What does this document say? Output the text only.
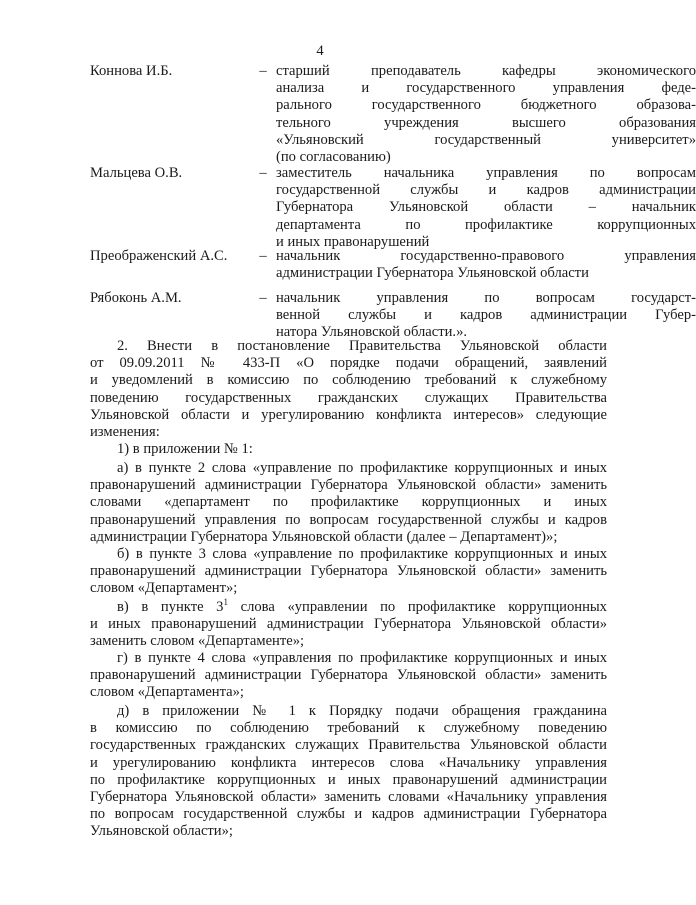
4
Коннова И.Б.	– старший преподаватель кафедры экономического
анализа и государственного управления феде-
рального государственного бюджетного образова-
тельного учреждения высшего образования
«Ульяновский государственный университет»
(по согласованию)
Мальцева О.В.	– заместитель начальника управления по вопросам
государственной службы и кадров администрации
Губернатора Ульяновской области – начальник
департамента по профилактике коррупционных
и иных правонарушений
Преображенский А.С.	– начальник государственно-правового управления
администрации Губернатора Ульяновской области
Рябоконь А.М.	– начальник управления по вопросам государст-
венной службы и кадров администрации Губер-
натора Ульяновской области.».
2. Внести в постановление Правительства Ульяновской области
от 09.09.2011 № 433-П «О порядке подачи обращений, заявлений
и уведомлений в комиссию по соблюдению требований к служебному
поведению государственных гражданских служащих Правительства
Ульяновской области и урегулированию конфликта интересов» следующие
изменения:
1) в приложении № 1:
а) в пункте 2 слова «управление по профилактике коррупционных и иных
правонарушений администрации Губернатора Ульяновской области» заменить
словами «департамент по профилактике коррупционных и иных
правонарушений управления по вопросам государственной службы и кадров
администрации Губернатора Ульяновской области (далее – Департамент)»;
б) в пункте 3 слова «управление по профилактике коррупционных и иных
правонарушений администрации Губернатора Ульяновской области» заменить
словом «Департамент»;
в) в пункте $3^1$ слова «управлении по профилактике коррупционных
и иных правонарушений администрации Губернатора Ульяновской области»
заменить словом «Департаменте»;
г) в пункте 4 слова «управления по профилактике коррупционных и иных
правонарушений администрации Губернатора Ульяновской области» заменить
словом «Департамента»;
д) в приложении № 1 к Порядку подачи обращения гражданина
в комиссию по соблюдению требований к служебному поведению
государственных гражданских служащих Правительства Ульяновской области
и урегулированию конфликта интересов слова «Начальнику управления
по профилактике коррупционных и иных правонарушений администрации
Губернатора Ульяновской области» заменить словами «Начальнику управления
по вопросам государственной службы и кадров администрации Губернатора
Ульяновской области»;
